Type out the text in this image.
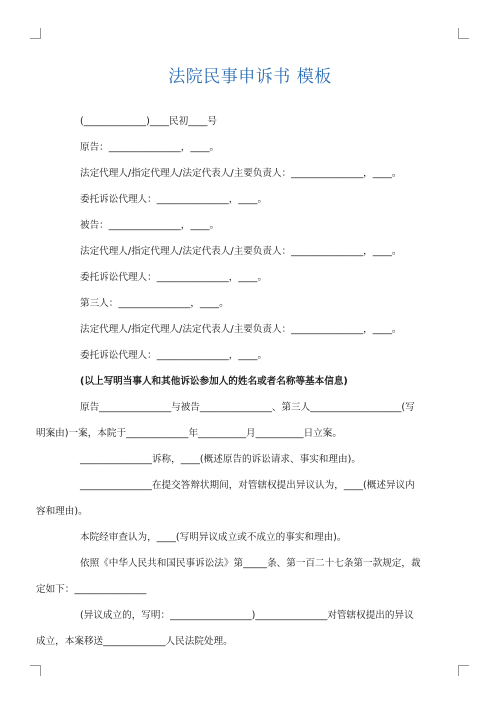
法院民事申诉书 模板
(_____________)____民初____号
原告：_______________，____。
法定代理人/指定代理人/法定代表人/主要负责人：_______________，____。
委托诉讼代理人：_______________，____。
被告：_______________，____。
法定代理人/指定代理人/法定代表人/主要负责人：_______________，____。
委托诉讼代理人：_______________，____。
第三人：_______________，____。
法定代理人/指定代理人/法定代表人/主要负责人：_______________，____。
委托诉讼代理人：_______________，____。
(以上写明当事人和其他诉讼参加人的姓名或者名称等基本信息)
原告_______________与被告_______________、第三人___________________(写
明案由)一案，本院于_____________年__________月__________日立案。
_______________诉称，____(概述原告的诉讼请求、事实和理由)。
_______________在提交答辩状期间，对管辖权提出异议认为，____(概述异议内
容和理由)。
本院经审查认为，____(写明异议成立或不成立的事实和理由)。
依照《中华人民共和国民事诉讼法》第_____条、第一百二十七条第一款规定，裁
定如下：_______________
(异议成立的，写明：_________________)_______________对管辖权提出的异议
成立，本案移送_____________人民法院处理。
